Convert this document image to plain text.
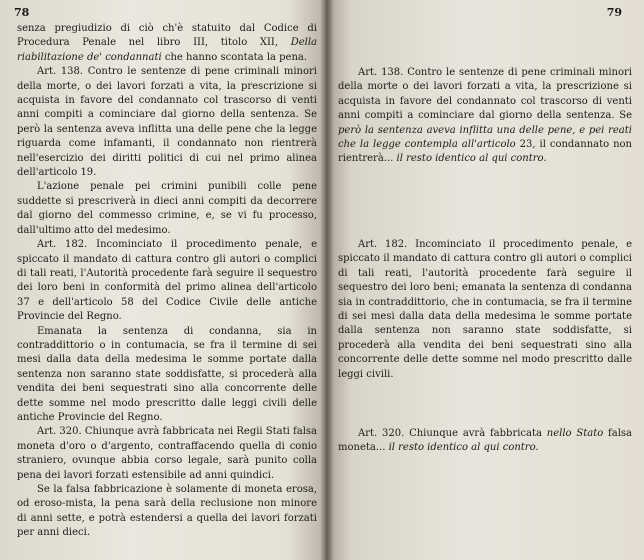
78

senza pregiudizio di ciò ch'è statuito dal Codice di Procedura Penale nel libro III, titolo XII, Della riabilitazione de' condannati che hanno scontata la pena.

Art. 138. Contro le sentenze di pene criminali minori della morte, o dei lavori forzati a vita, la prescrizione si acquista in favore del condannato col trascorso di venti anni compiti a cominciare dal giorno della sentenza. Se però la sentenza aveva inflitta una delle pene che la legge riguarda come infamanti, il condannato non rientrerà nell'esercizio dei diritti politici di cui nel primo alinea dell'articolo 19.

L'azione penale pei crimini punibili colle pene suddette si prescriverà in dieci anni compiti da decorrere dal giorno del commesso crimine, e, se vi fu processo, dall'ultimo atto del medesimo.

Art. 182. Incominciato il procedimento penale, e spiccato il mandato di cattura contro gli autori o complici di tali reati, l'Autorità procedente farà seguire il sequestro dei loro beni in conformità del primo alinea dell'articolo 37 e dell'articolo 58 del Codice Civile delle antiche Provincie del Regno.

Emanata la sentenza di condanna, sia in contraddittorio o in contumacia, se fra il termine di sei mesi dalla data della medesima le somme portate dalla sentenza non saranno state soddisfatte, si procederà alla vendita dei beni sequestrati sino alla concorrente delle dette somme nel modo prescritto dalle leggi civili delle antiche Provincie del Regno.

Art. 320. Chiunque avrà fabbricata nei Regii Stati falsa moneta d'oro o d'argento, contraffacendo quella di conio straniero, ovunque abbia corso legale, sarà punito colla pena dei lavori forzati estensibile ad anni quindici.

Se la falsa fabbricazione è solamente di moneta erosa, od eroso-mista, la pena sarà della reclusione non minore di anni sette, e potrà estendersi a quella dei lavori forzati per anni dieci.

79

Art. 138. Contro le sentenze di pene criminali minori della morte o dei lavori forzati a vita, la prescrizione si acquista in favore del condannato col trascorso di venti anni compiti a cominciare dal giorno della sentenza. Se però la sentenza aveva inflitta una delle pene, e pei reati che la legge contempla all'articolo 23, il condannato non rientrerà... il resto identico al qui contro.

Art. 182. Incominciato il procedimento penale, e spiccato il mandato di cattura contro gli autori o complici di tali reati, l'autorità procedente farà seguire il sequestro dei loro beni; emanata la sentenza di condanna sia in contraddittorio, che in contumacia, se fra il termine di sei mesi dalla data della medesima le somme portate dalla sentenza non saranno state soddisfatte, si procederà alla vendita dei beni sequestrati sino alla concorrente delle dette somme nel modo prescritto dalle leggi civili.

Art. 320. Chiunque avrà fabbricata nello Stato falsa moneta... il resto identico al qui contro.
